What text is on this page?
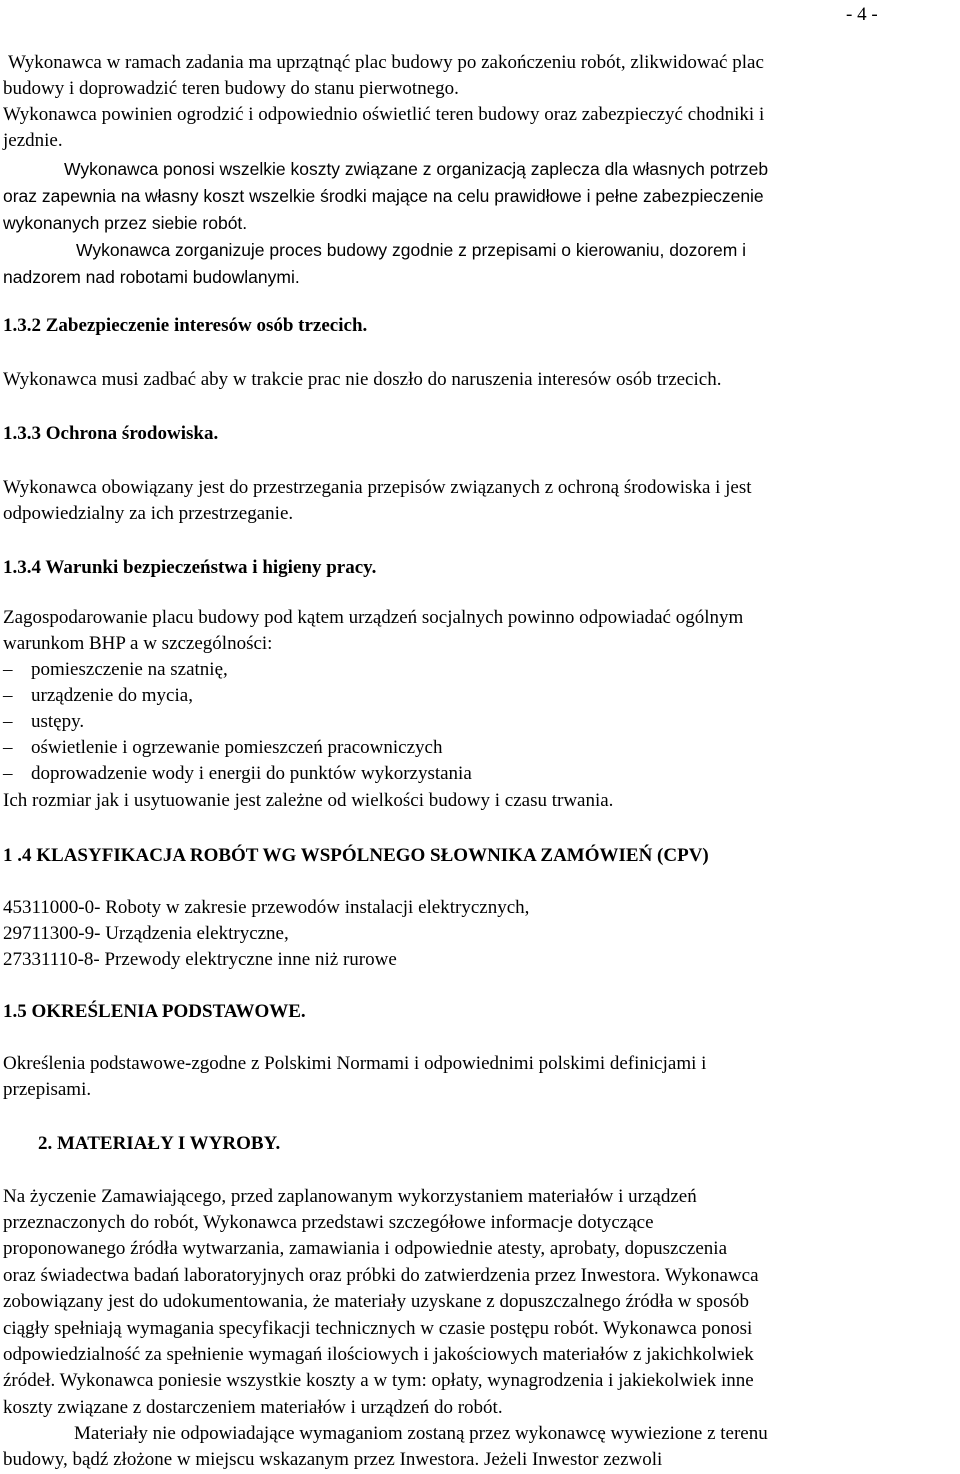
- 4 -
Wykonawca w ramach zadania ma uprzątnąć plac budowy po zakończeniu robót, zlikwidować plac
budowy i doprowadzić teren budowy do stanu pierwotnego.
Wykonawca powinien ogrodzić i odpowiednio oświetlić teren budowy oraz zabezpieczyć chodniki i
jezdnie.
Wykonawca ponosi wszelkie koszty związane z organizacją zaplecza dla własnych potrzeb
oraz zapewnia na własny koszt wszelkie środki mające na celu prawidłowe i pełne zabezpieczenie
wykonanych przez siebie robót.
Wykonawca zorganizuje proces budowy zgodnie z przepisami o kierowaniu, dozorem i
nadzorem nad robotami budowlanymi.
1.3.2 Zabezpieczenie interesów osób trzecich.
Wykonawca musi zadbać aby w trakcie prac nie doszło do naruszenia interesów osób trzecich.
1.3.3 Ochrona środowiska.
Wykonawca obowiązany jest do przestrzegania przepisów związanych z ochroną środowiska i jest
odpowiedzialny za ich przestrzeganie.
1.3.4 Warunki bezpieczeństwa i higieny pracy.
Zagospodarowanie placu budowy pod kątem urządzeń socjalnych powinno odpowiadać ogólnym
warunkom BHP a w szczególności:
– pomieszczenie na szatnię,
– urządzenie do mycia,
– ustępy.
– oświetlenie i ogrzewanie pomieszczeń pracowniczych
– doprowadzenie wody i energii do punktów wykorzystania
Ich rozmiar jak i usytuowanie jest zależne od wielkości budowy i czasu trwania.
1 .4 KLASYFIKACJA ROBÓT WG WSPÓLNEGO SŁOWNIKA ZAMÓWIEŃ (CPV)
45311000-0- Roboty w zakresie przewodów instalacji elektrycznych,
29711300-9- Urządzenia elektryczne,
27331110-8- Przewody elektryczne inne niż rurowe
1.5 OKREŚLENIA PODSTAWOWE.
Określenia podstawowe-zgodne z Polskimi Normami i odpowiednimi polskimi definicjami i
przepisami.
2. MATERIAŁY I WYROBY.
Na życzenie Zamawiającego, przed zaplanowanym wykorzystaniem materiałów i urządzeń
przeznaczonych do robót, Wykonawca przedstawi szczegółowe informacje dotyczące
proponowanego źródła wytwarzania, zamawiania i odpowiednie atesty, aprobaty, dopuszczenia
oraz świadectwa badań laboratoryjnych oraz próbki do zatwierdzenia przez Inwestora. Wykonawca
zobowiązany jest do udokumentowania, że materiały uzyskane z dopuszczalnego źródła w sposób
ciągły spełniają wymagania specyfikacji technicznych w czasie postępu robót. Wykonawca ponosi
odpowiedzialność za spełnienie wymagań ilościowych i jakościowych materiałów z jakichkolwiek
źródeł. Wykonawca poniesie wszystkie koszty a w tym: opłaty, wynagrodzenia i jakiekolwiek inne
koszty związane z dostarczeniem materiałów i urządzeń do robót.
Materiały nie odpowiadające wymaganiom zostaną przez wykonawcę wywiezione z terenu
budowy, bądź złożone w miejscu wskazanym przez Inwestora. Jeżeli Inwestor zezwoli
